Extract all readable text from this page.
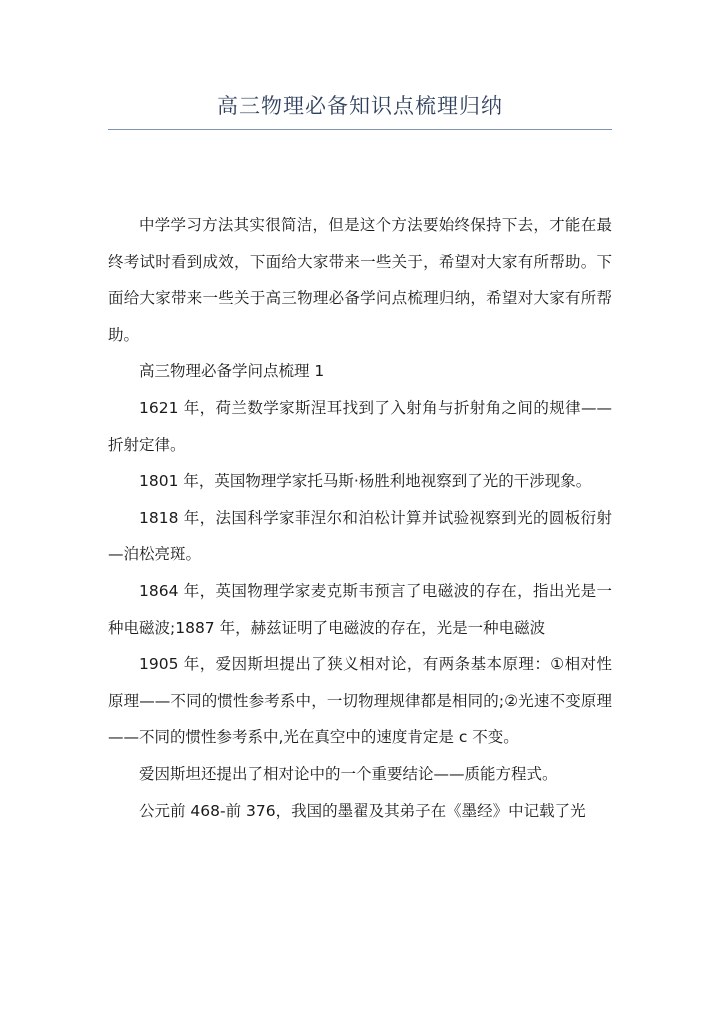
高三物理必备知识点梳理归纳

中学学习方法其实很简洁，但是这个方法要始终保持下去，才能在最终考试时看到成效，下面给大家带来一些关于，希望对大家有所帮助。下面给大家带来一些关于高三物理必备学问点梳理归纳，希望对大家有所帮助。

高三物理必备学问点梳理 1

1621 年，荷兰数学家斯涅耳找到了入射角与折射角之间的规律——折射定律。

1801 年，英国物理学家托马斯·杨胜利地视察到了光的干涉现象。

1818 年，法国科学家菲涅尔和泊松计算并试验视察到光的圆板衍射—泊松亮斑。

1864 年，英国物理学家麦克斯韦预言了电磁波的存在，指出光是一种电磁波;1887 年，赫兹证明了电磁波的存在，光是一种电磁波

1905 年，爱因斯坦提出了狭义相对论，有两条基本原理：①相对性原理——不同的惯性参考系中，一切物理规律都是相同的;②光速不变原理——不同的惯性参考系中,光在真空中的速度肯定是 c 不变。

爱因斯坦还提出了相对论中的一个重要结论——质能方程式。

公元前 468-前 376，我国的墨翟及其弟子在《墨经》中记载了光
